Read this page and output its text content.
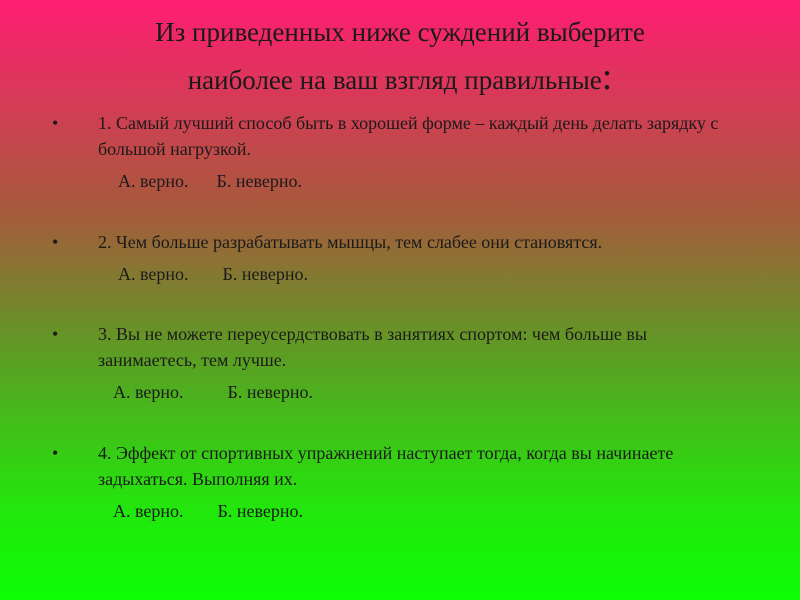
Из приведенных ниже суждений выберите
наиболее на ваш взгляд правильные:
•	1. Самый лучший способ быть в хорошей форме – каждый день делать зарядку с большой нагрузкой.
А. верно. Б. неверно.
•	2. Чем больше разрабатывать мышцы, тем слабее они становятся.
А. верно. Б. неверно.
•	3. Вы не можете переусердствовать в занятиях спортом: чем больше вы занимаетесь, тем лучше.
А. верно. Б. неверно.
•	4. Эффект от спортивных упражнений наступает тогда, когда вы начинаете задыхаться. Выполняя их.
А. верно. Б. неверно.
